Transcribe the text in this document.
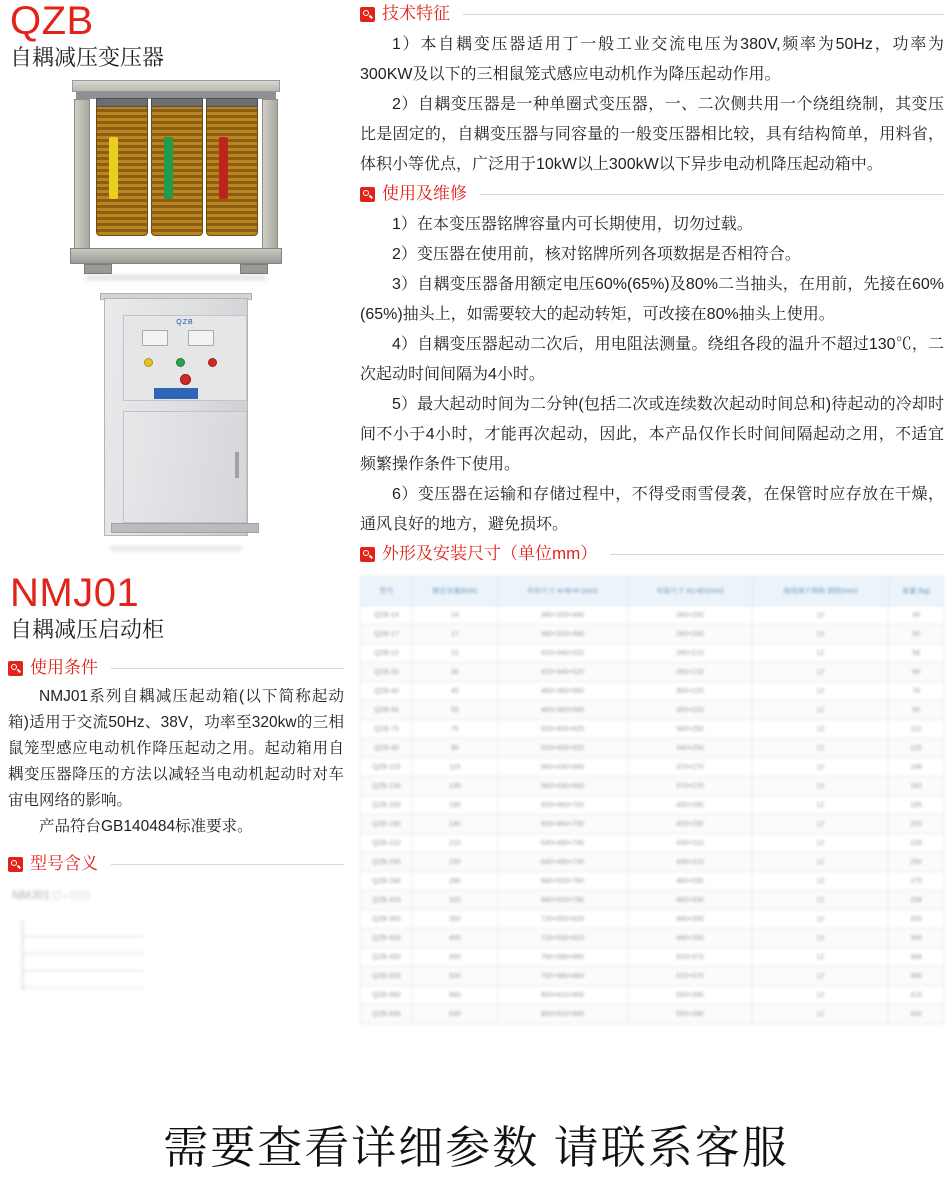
QZB
自耦减压变压器
QZB
NMJ01
自耦减压启动柜
使用条件

NMJ01系列自耦减压起动箱(以下简称起动箱)适用于交流50Hz、38V，功率至320kw的三相鼠笼型感应电动机作降压起动之用。起动箱用自耦变压器降压的方法以减轻当电动机起动时对车宙电网络的影响。

产品符台GB140484标准要求。

型号含义
NMJ01 □ - □ □
技术特征

1）本自耦变压器适用丁一般工业交流电压为380V,频率为50Hz，功率为300KW及以下的三相鼠笼式感应电动机作为降压起动作用。

2）自耦变压器是一种单圈式变压器，一、二次侧共用一个绕组绕制，其变压比是固定的，自耦变压器与同容量的一般变压器相比较，具有结构简单，用料省，体积小等优点，广泛用于10kW以上300kW以下异步电动机降压起动箱中。

使用及维修

1）在本变压器铭牌容量内可长期使用，切勿过载。

2）变压器在使用前，核对铭牌所列各项数据是否相符合。

3）自耦变压器备用额定电压60%(65%)及80%二当抽头，在用前，先接在60%(65%)抽头上，如需要较大的起动转矩，可改接在80%抽头上使用。

4）自耦变压器起动二次后，用电阻法测量。绕组各段的温升不超过130℃，二次起动时间间隔为4小时。

5）最大起动时间为二分钟(包括二次或连续数次起动时间总和)待起动的冷却时间不小于4小时，才能再次起动，因此，本产品仅作长时间间隔起动之用，不适宜频繁操作条件下使用。

6）变压器在运输和存储过程中，不得受雨雪侵袭，在保管时应存放在干燥，通风良好的地方，避免损坏。

外形及安装尺寸（单位mm）
型号	额定容量(kVA)	外形尺寸 A×B×H (mm)	安装尺寸 A1×B1(mm)	接线端子规格 铜排(mm)	重量 (kg)
QZB-14	14	380×320×480	260×200	12	45
QZB-17	17	380×320×480	260×200	12	50
QZB-22	22	420×340×520	280×210	12	58
QZB-30	30	420×340×520	280×210	12	66
QZB-40	40	460×360×560	300×220	12	78
QZB-55	55	460×360×560	300×220	12	90
QZB-75	75	520×400×620	340×250	12	112
QZB-90	90	520×400×620	340×250	12	125
QZB-115	115	560×430×660	370×270	12	148
QZB-135	135	560×430×660	370×270	12	162
QZB-160	160	600×460×700	400×290	12	185
QZB-190	190	600×460×700	400×290	12	205
QZB-210	210	640×490×740	430×310	12	228
QZB-250	250	640×490×740	430×310	12	250
QZB-280	280	680×520×780	460×330	12	275
QZB-320	320	680×520×780	460×330	12	298
QZB-350	350	720×550×820	490×350	12	320
QZB-400	400	720×550×820	490×350	12	345
QZB-450	450	760×580×860	520×370	12	368
QZB-500	500	760×580×860	520×370	12	390
QZB-560	560	800×610×900	550×390	12	415
QZB-630	630	800×610×900	550×390	12	440
需要查看详细参数 请联系客服
